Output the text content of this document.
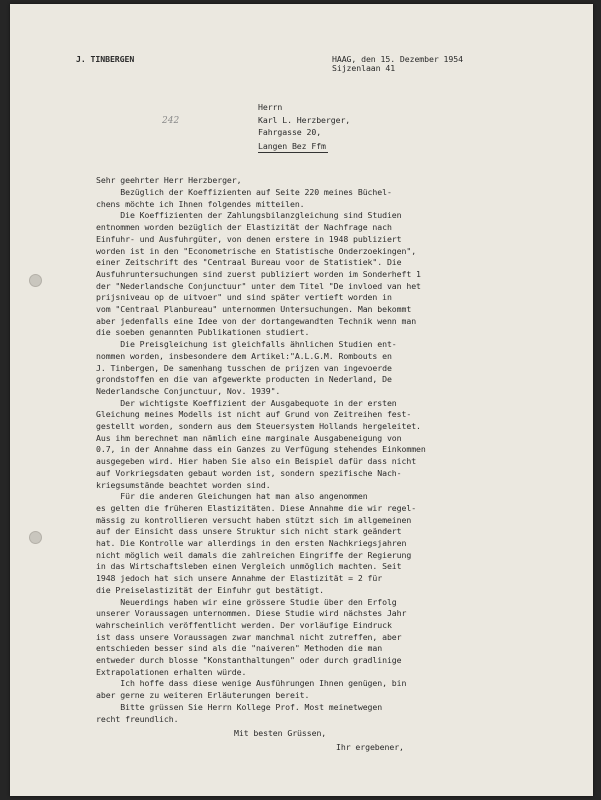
J. TINBERGEN	HAAG, den 15. Dezember 1954

Sijzenlaan 41

242

Herrn

Karl L. Herzberger,

Fahrgasse 20,

Langen Bez Ffm

Sehr geehrter Herr Herzberger,

Bezüglich der Koeffizienten auf Seite 220 meines Büchel-

chens möchte ich Ihnen folgendes mitteilen.

Die Koeffizienten der Zahlungsbilanzgleichung sind Studien

entnommen worden bezüglich der Elastizität der Nachfrage nach

Einfuhr- und Ausfuhrgüter, von denen erstere in 1948 publiziert

worden ist in den "Econometrische en Statistische Onderzoekingen",

einer Zeitschrift des "Centraal Bureau voor de Statistiek". Die

Ausfuhruntersuchungen sind zuerst publiziert worden im Sonderheft 1

der "Nederlandsche Conjunctuur" unter dem Titel "De invloed van het

prijsniveau op de uitvoer" und sind später vertieft worden in

vom "Centraal Planbureau" unternommen Untersuchungen. Man bekommt

aber jedenfalls eine Idee von der dortangewandten Technik wenn man

die soeben genannten Publikationen studiert.

Die Preisgleichung ist gleichfalls ähnlichen Studien ent-

nommen worden, insbesondere dem Artikel:"A.L.G.M. Rombouts en

J. Tinbergen, De samenhang tusschen de prijzen van ingevoerde

grondstoffen en die van afgewerkte producten in Nederland, De

Nederlandsche Conjunctuur, Nov. 1939".

Der wichtigste Koeffizient der Ausgabequote in der ersten

Gleichung meines Modells ist nicht auf Grund von Zeitreihen fest-

gestellt worden, sondern aus dem Steuersystem Hollands hergeleitet.

Aus ihm berechnet man nämlich eine marginale Ausgabeneigung von

0.7, in der Annahme dass ein Ganzes zu Verfügung stehendes Einkommen

ausgegeben wird. Hier haben Sie also ein Beispiel dafür dass nicht

auf Vorkriegsdaten gebaut worden ist, sondern spezifische Nach-

kriegsumstände beachtet worden sind.

Für die anderen Gleichungen hat man also angenommen

es gelten die früheren Elastizitäten. Diese Annahme die wir regel-

mässig zu kontrollieren versucht haben stützt sich im allgemeinen

auf der Einsicht dass unsere Struktur sich nicht stark geändert

hat. Die Kontrolle war allerdings in den ersten Nachkriegsjahren

nicht möglich weil damals die zahlreichen Eingriffe der Regierung

in das Wirtschaftsleben einen Vergleich unmöglich machten. Seit

1948 jedoch hat sich unsere Annahme der Elastizität = 2 für

die Preiselastizität der Einfuhr gut bestätigt.

Neuerdings haben wir eine grössere Studie über den Erfolg

unserer Voraussagen unternommen. Diese Studie wird nächstes Jahr

wahrscheinlich veröffentlicht werden. Der vorläufige Eindruck

ist dass unsere Voraussagen zwar manchmal nicht zutreffen, aber

entschieden besser sind als die "naiveren" Methoden die man

entweder durch blosse "Konstanthaltungen" oder durch gradlinige

Extrapolationen erhalten würde.

Ich hoffe dass diese wenige Ausführungen Ihnen genügen, bin

aber gerne zu weiteren Erläuterungen bereit.

Bitte grüssen Sie Herrn Kollege Prof. Most meinetwegen

recht freundlich.

Mit besten Grüssen,

Ihr ergebener,
